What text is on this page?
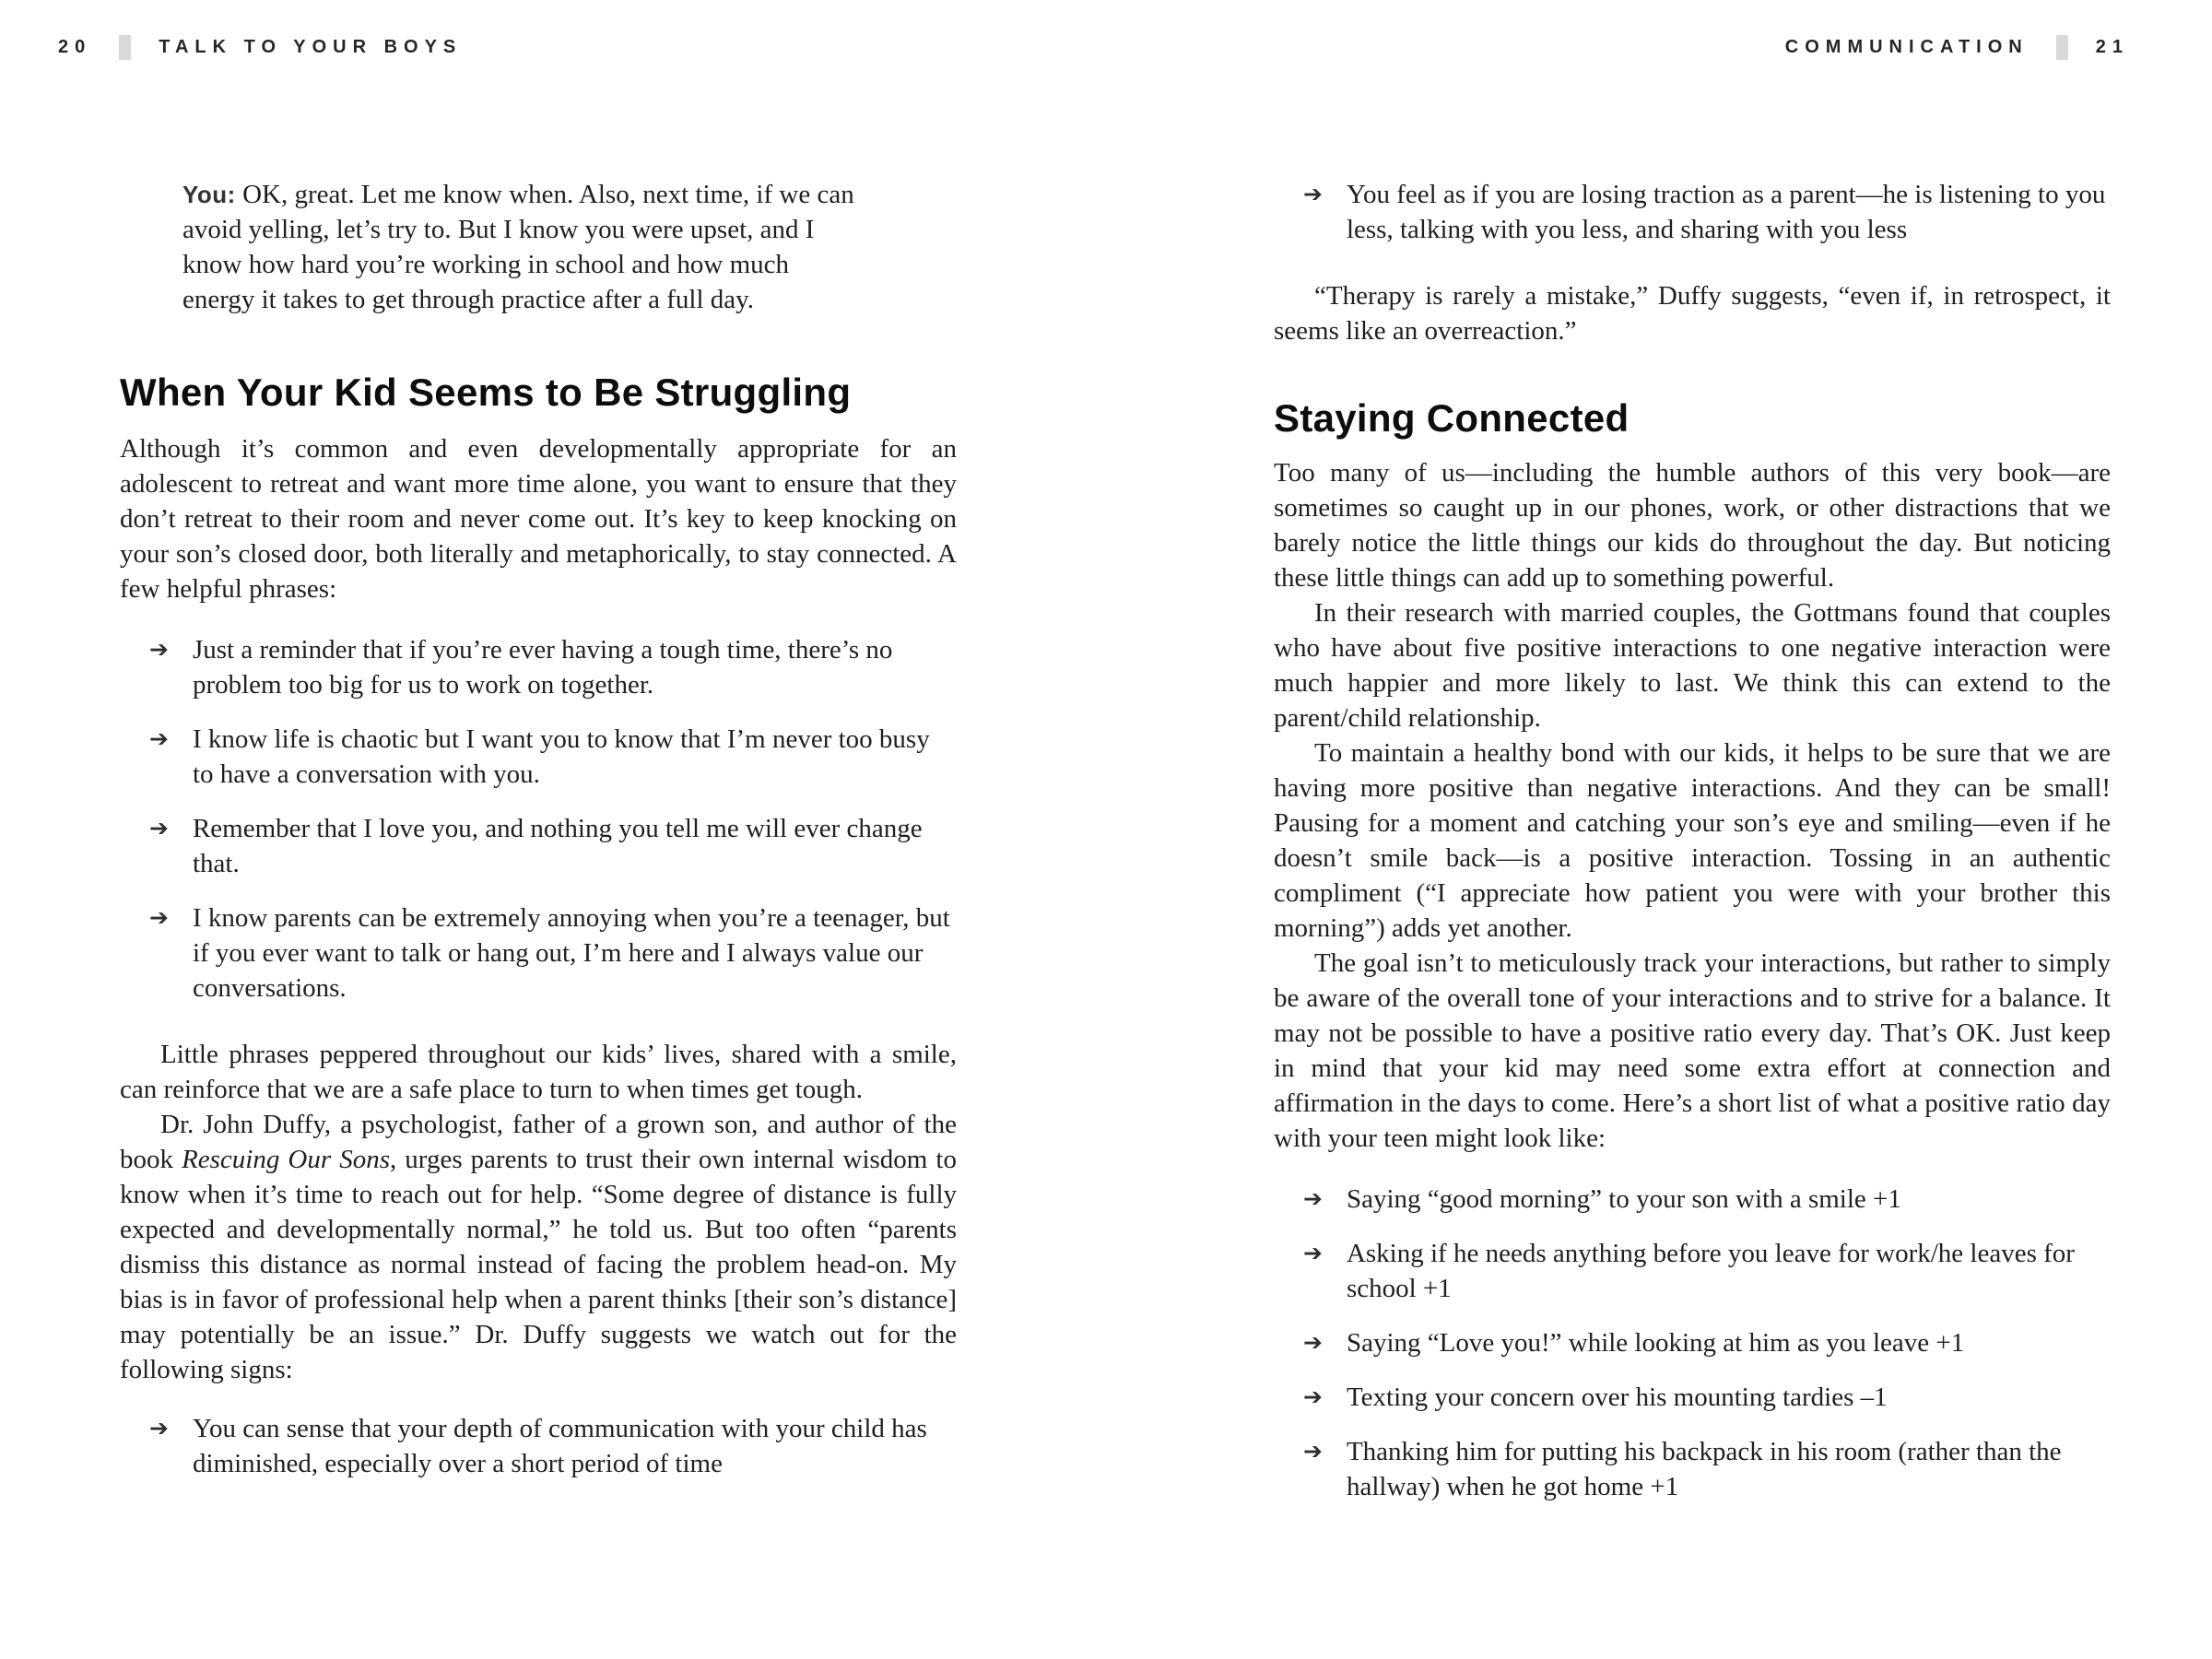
20	TALK TO YOUR BOYS	COMMUNICATION	21

You: OK, great. Let me know when. Also, next time, if we can avoid yelling, let’s try to. But I know you were upset, and I know how hard you’re working in school and how much energy it takes to get through practice after a full day.

When Your Kid Seems to Be Struggling

Although it’s common and even developmentally appropriate for an adolescent to retreat and want more time alone, you want to ensure that they don’t retreat to their room and never come out. It’s key to keep knocking on your son’s closed door, both literally and metaphorically, to stay connected. A few helpful phrases:

➔ Just a reminder that if you’re ever having a tough time, there’s no problem too big for us to work on together.
➔ I know life is chaotic but I want you to know that I’m never too busy to have a conversation with you.
➔ Remember that I love you, and nothing you tell me will ever change that.
➔ I know parents can be extremely annoying when you’re a teenager, but if you ever want to talk or hang out, I’m here and I always value our conversations.

Little phrases peppered throughout our kids’ lives, shared with a smile, can reinforce that we are a safe place to turn to when times get tough.

Dr. John Duffy, a psychologist, father of a grown son, and author of the book Rescuing Our Sons, urges parents to trust their own internal wisdom to know when it’s time to reach out for help. “Some degree of distance is fully expected and developmentally normal,” he told us. But too often “parents dismiss this distance as normal instead of facing the problem head-on. My bias is in favor of professional help when a parent thinks [their son’s distance] may potentially be an issue.” Dr. Duffy suggests we watch out for the following signs:

➔ You can sense that your depth of communication with your child has diminished, especially over a short period of time
➔ You feel as if you are losing traction as a parent—he is listening to you less, talking with you less, and sharing with you less

“Therapy is rarely a mistake,” Duffy suggests, “even if, in retrospect, it seems like an overreaction.”

Staying Connected

Too many of us—including the humble authors of this very book—are sometimes so caught up in our phones, work, or other distractions that we barely notice the little things our kids do throughout the day. But noticing these little things can add up to something powerful.

In their research with married couples, the Gottmans found that couples who have about five positive interactions to one negative interaction were much happier and more likely to last. We think this can extend to the parent/child relationship.

To maintain a healthy bond with our kids, it helps to be sure that we are having more positive than negative interactions. And they can be small! Pausing for a moment and catching your son’s eye and smiling—even if he doesn’t smile back—is a positive interaction. Tossing in an authentic compliment (“I appreciate how patient you were with your brother this morning”) adds yet another.

The goal isn’t to meticulously track your interactions, but rather to simply be aware of the overall tone of your interactions and to strive for a balance. It may not be possible to have a positive ratio every day. That’s OK. Just keep in mind that your kid may need some extra effort at connection and affirmation in the days to come. Here’s a short list of what a positive ratio day with your teen might look like:

➔ Saying “good morning” to your son with a smile +1
➔ Asking if he needs anything before you leave for work/he leaves for school +1
➔ Saying “Love you!” while looking at him as you leave +1
➔ Texting your concern over his mounting tardies –1
➔ Thanking him for putting his backpack in his room (rather than the hallway) when he got home +1
